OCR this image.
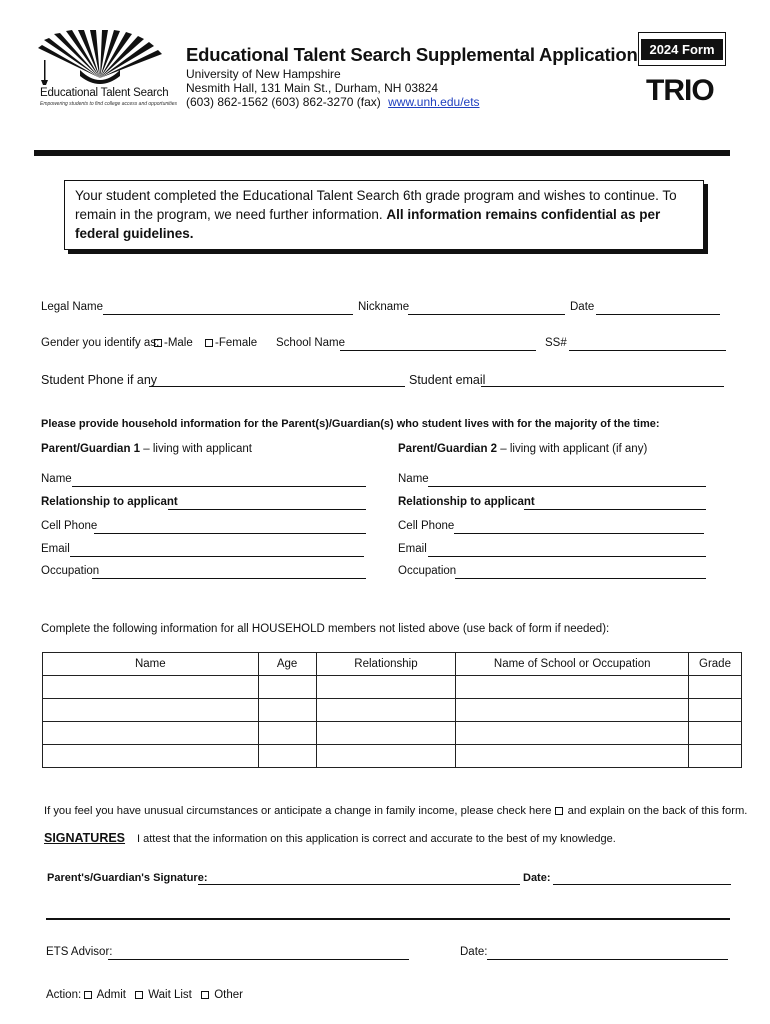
Educational Talent Search
Empowering students to find college access and opportunities
Educational Talent Search Supplemental Application
University of New Hampshire
Nesmith Hall, 131 Main St., Durham, NH 03824
(603) 862-1562 (603) 862-3270 (fax) www.unh.edu/ets
2024 Form
TRIO
Your student completed the Educational Talent Search 6th grade program and wishes to continue. To remain in the program, we need further information. All information remains confidential as per federal guidelines.
Legal Name	Nickname	Date
Gender you identify as: -Male	-Female School Name	SS#
Student Phone if any	Student email
Please provide household information for the Parent(s)/Guardian(s) who student lives with for the majority of the time:
Parent/Guardian 1 – living with applicant	Parent/Guardian 2 – living with applicant (if any)
Name
Relationship to applicant
Cell Phone
Email
Occupation
Name
Relationship to applicant
Cell Phone
Email
Occupation
Complete the following information for all HOUSEHOLD members not listed above (use back of form if needed):
Name	Age	Relationship	Name of School or Occupation	Grade

If you feel you have unusual circumstances or anticipate a change in family income, please check here and explain on the back of this form.
SIGNATURES I attest that the information on this application is correct and accurate to the best of my knowledge.
Parent's/Guardian's Signature:	Date:
ETS Advisor:	Date:
Action:	Admit	Wait List	Other
